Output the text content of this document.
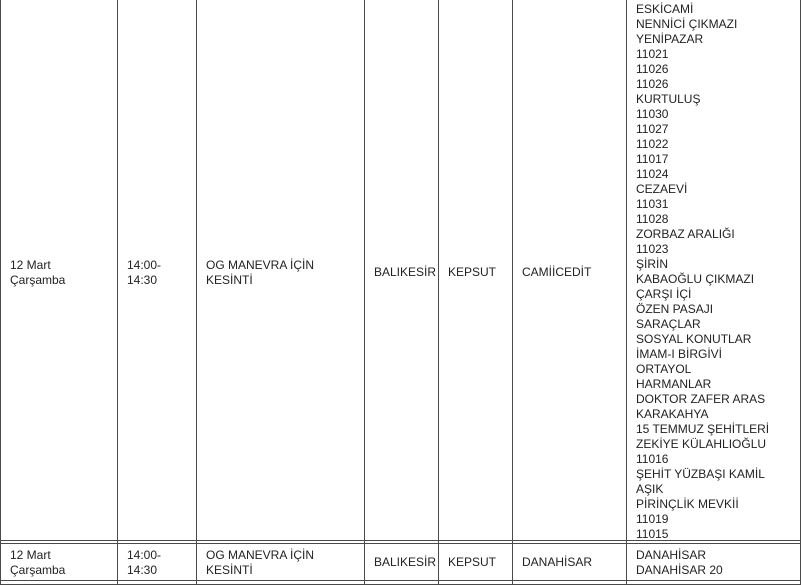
12 Mart
Çarşamba
14:00-
14:30
OG MANEVRA İÇİN
KESİNTİ
BALIKESİR KEPSUT CAMİİCEDİT
ESKİCAMİ
NENNİCİ ÇIKMAZI
YENİPAZAR
11021
11026
11026
KURTULUŞ
11030
11027
11022
11017
11024
CEZAEVİ
11031
11028
ZORBAZ ARALIĞI
11023
ŞİRİN
KABAOĞLU ÇIKMAZI
ÇARŞI İÇİ
ÖZEN PASAJI
SARAÇLAR
SOSYAL KONUTLAR
İMAM-I BİRGİVİ
ORTAYOL
HARMANLAR
DOKTOR ZAFER ARAS
KARAKAHYA
15 TEMMUZ ŞEHİTLERİ
ZEKİYE KÜLAHLIOĞLU
11016
ŞEHİT YÜZBAŞI KAMİL
AŞIK
PİRİNÇLİK MEVKİİ
11019
11015
12 Mart
Çarşamba
14:00-
14:30
OG MANEVRA İÇİN
KESİNTİ
BALIKESİR KEPSUT DANAHİSAR	DANAHİSAR
DANAHİSAR 20
